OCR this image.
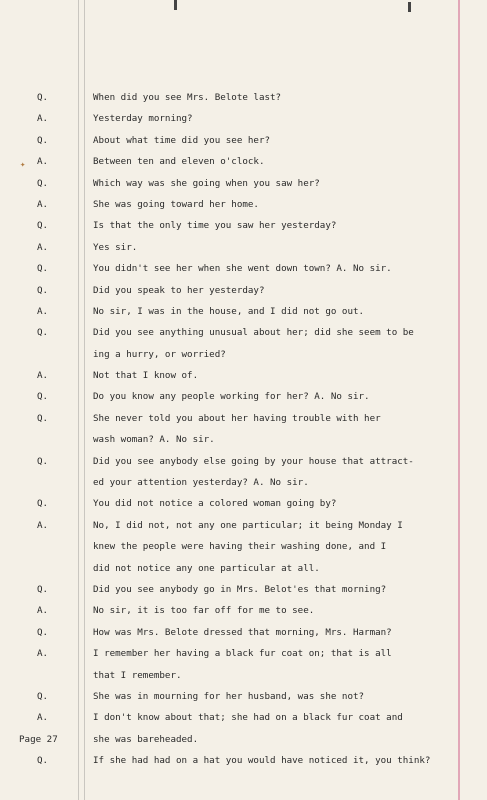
✦
Q.	When did you see Mrs. Belote last?
A.	Yesterday morning?
Q.	About what time did you see her?
A.	Between ten and eleven o'clock.
Q.	Which way was she going when you saw her?
A.	She was going toward her home.
Q.	Is that the only time you saw her yesterday?
A.	Yes sir.
Q.	You didn't see her when she went down town? A. No sir.
Q.	Did you speak to her yesterday?
A.	No sir, I was in the house, and I did not go out.
Q.	Did you see anything unusual about her; did she seem to be
ing a hurry, or worried?
A.	Not that I know of.
Q.	Do you know any people working for her? A. No sir.
Q.	She never told you about her having trouble with her
wash woman? A. No sir.
Q.	Did you see anybody else going by your house that attract-
ed your attention yesterday? A. No sir.
Q.	You did not notice a colored woman going by?
A.	No, I did not, not any one particular; it being Monday I
knew the people were having their washing done, and I
did not notice any one particular at all.
Q.	Did you see anybody go in Mrs. Belot'es that morning?
A.	No sir, it is too far off for me to see.
Q.	How was Mrs. Belote dressed that morning, Mrs. Harman?
A.	I remember her having a black fur coat on; that is all
that I remember.
Q.	She was in mourning for her husband, was she not?
A.	I don't know about that; she had on a black fur coat and
she was bareheaded.
Q.	If she had had on a hat you would have noticed it, you think?
Page 27
